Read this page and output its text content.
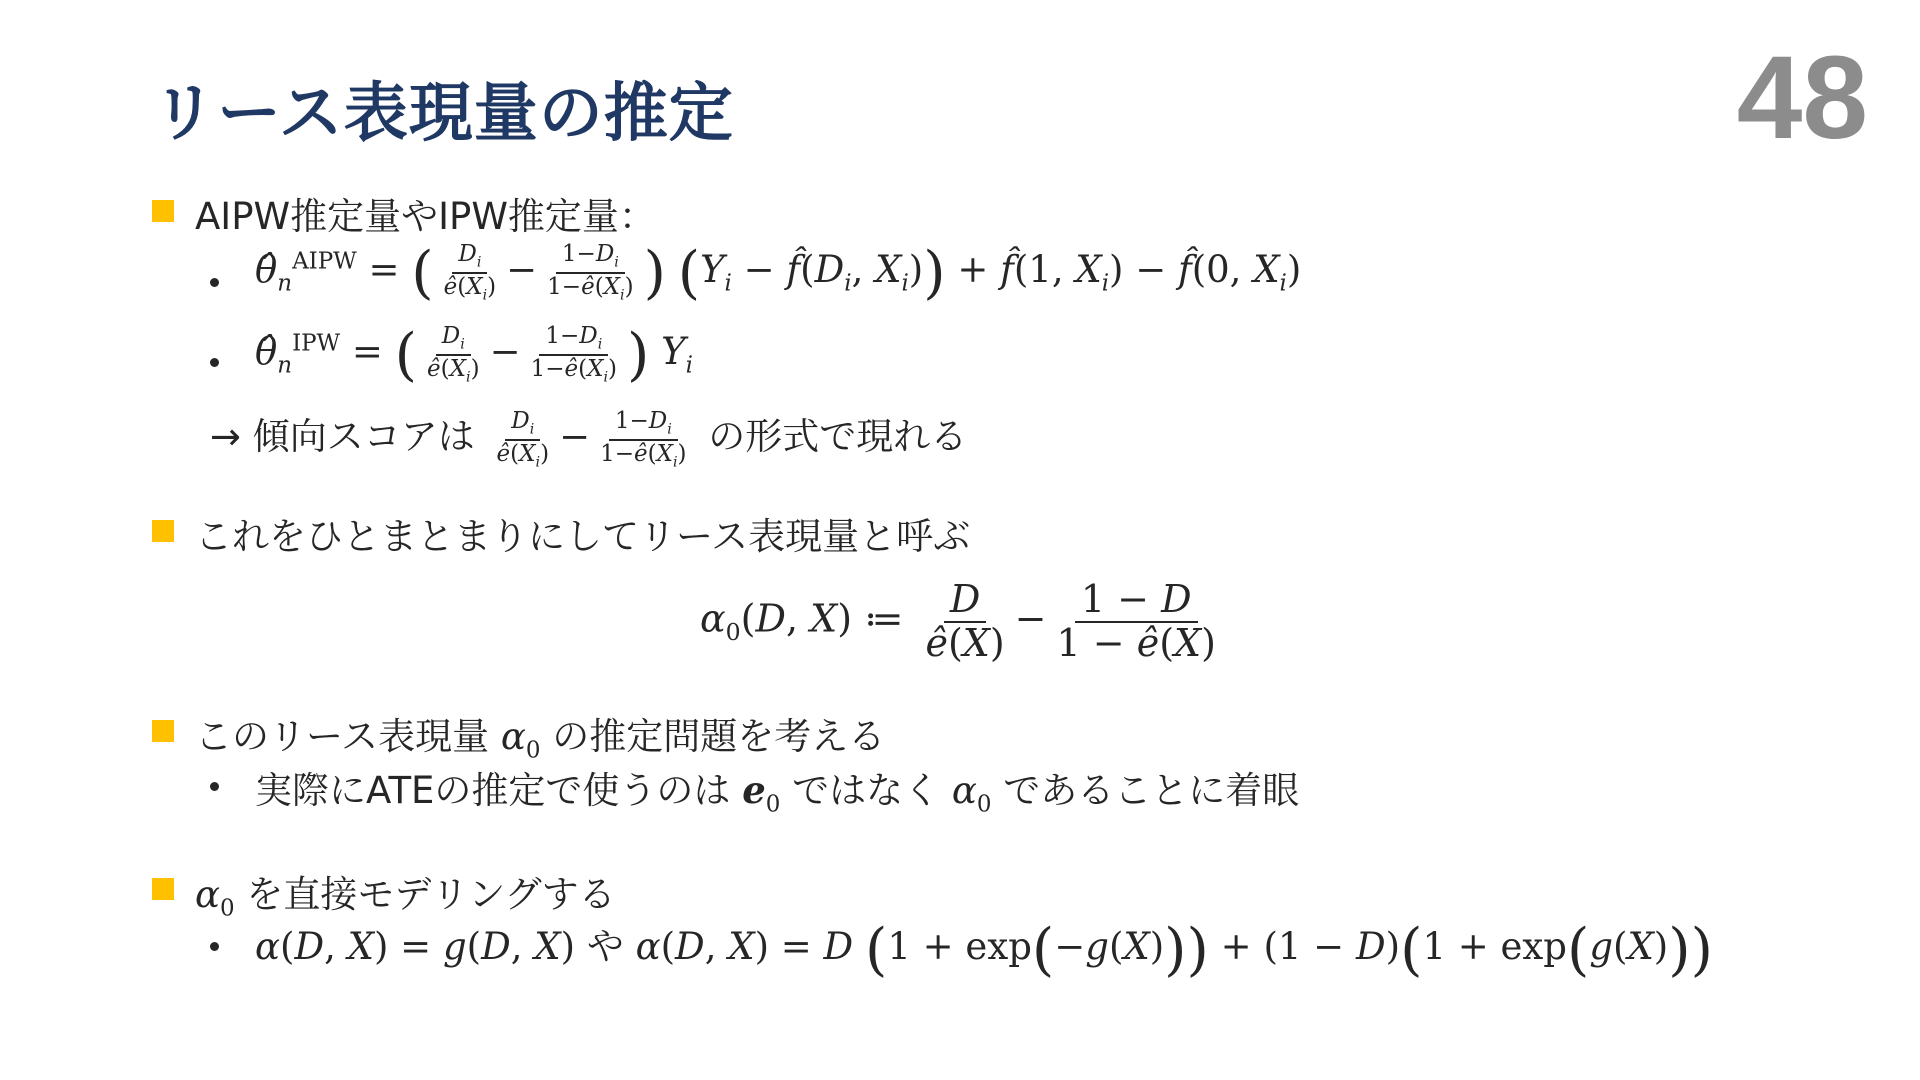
リース表現量の推定	48
AIPW推定量やIPW推定量：
$\thetâ_n^{AIPW}$ = ( $\frac{D_i}{ê(X_i)} - \frac{1-D_i}{1-ê(X_i)}$ ) ($Y_i$ − $f̂(D_i$, $X_i$)) + f̂(1, $X_i$) − f̂(0, $X_i$)
$\thetâ_n^{IPW}$ = ( $\frac{D_i}{ê(X_i)} - \frac{1-D_i}{1-ê(X_i)}$ ) $Y_i$
→ 傾向スコアは $\frac{D_i}{ê(X_i)} - \frac{1-D_i}{1-ê(X_i)}$ の形式で現れる
これをひとまとまりにしてリース表現量と呼ぶ
$\alpha_0(D$, X) ≔ $\frac{D}{ê(X)} - \frac{1 - D}{1 - ê(X)}$
このリース表現量 $\alpha_0$ の推定問題を考える
実際にATEの推定で使うのは $e_0$ ではなく $\alpha_0$ であることに着眼
$\alpha_0$ を直接モデリングする
α(D, X) = g(D, X) や α(D, X) = D (1 + exp(−g(X))) + (1 − D)(1 + exp(g(X)))
